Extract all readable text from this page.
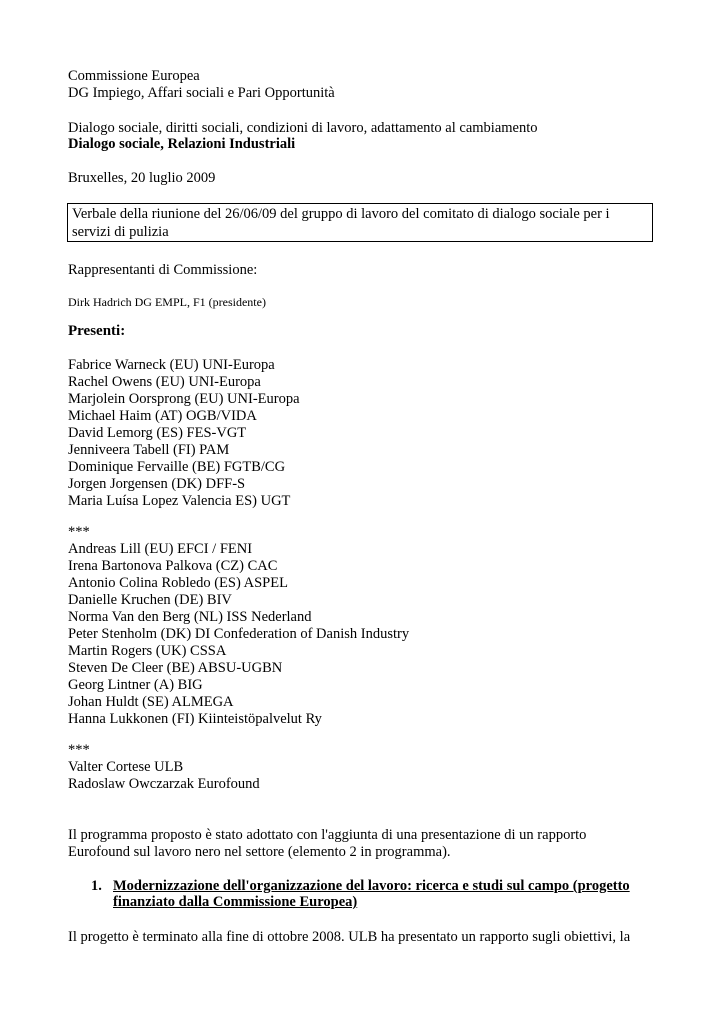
Commissione Europea
DG Impiego, Affari sociali e Pari Opportunità
Dialogo sociale, diritti sociali, condizioni di lavoro, adattamento al cambiamento
Dialogo sociale, Relazioni Industriali
Bruxelles, 20 luglio 2009
Verbale della riunione del 26/06/09 del gruppo di lavoro del comitato di dialogo sociale per i
servizi di pulizia
Rappresentanti di Commissione:
Dirk Hadrich DG EMPL, F1 (presidente)
Presenti:
Fabrice Warneck (EU) UNI-Europa
Rachel Owens (EU) UNI-Europa
Marjolein Oorsprong (EU) UNI-Europa
Michael Haim (AT) OGB/VIDA
David Lemorg (ES) FES-VGT
Jenniveera Tabell (FI) PAM
Dominique Fervaille (BE) FGTB/CG
Jorgen Jorgensen (DK) DFF-S
Maria Luísa Lopez Valencia ES) UGT
***
Andreas Lill (EU) EFCI / FENI
Irena Bartonova Palkova (CZ) CAC
Antonio Colina Robledo (ES) ASPEL
Danielle Kruchen (DE) BIV
Norma Van den Berg (NL) ISS Nederland
Peter Stenholm (DK) DI Confederation of Danish Industry
Martin Rogers (UK) CSSA
Steven De Cleer (BE) ABSU-UGBN
Georg Lintner (A) BIG
Johan Huldt (SE) ALMEGA
Hanna Lukkonen (FI) Kiinteistöpalvelut Ry
***
Valter Cortese ULB
Radoslaw Owczarzak Eurofound
Il programma proposto è stato adottato con l'aggiunta di una presentazione di un rapporto
Eurofound sul lavoro nero nel settore (elemento 2 in programma).
1. Modernizzazione dell'organizzazione del lavoro: ricerca e studi sul campo (progetto
finanziato dalla Commissione Europea)
Il progetto è terminato alla fine di ottobre 2008. ULB ha presentato un rapporto sugli obiettivi, la
